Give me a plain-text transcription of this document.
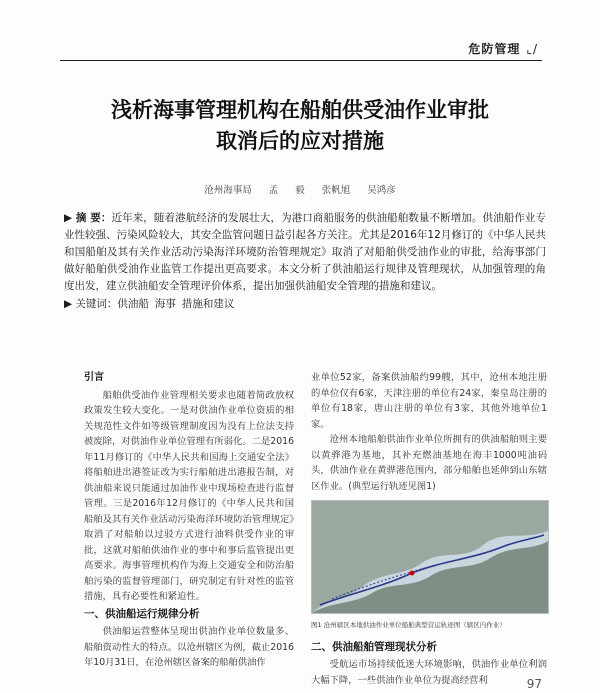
危防管理 ⌞/
浅析海事管理机构在船舶供受油作业审批
取消后的应对措施
沧州海事局 孟 毅 张帆旭 吴鸿彦
▶ 摘 要：近年来，随着港航经济的发展壮大，为港口商船服务的供油船舶数量不断增加。供油船作业专业性较强、污染风险较大，其安全监管问题日益引起各方关注。尤其是2016年12月修订的《中华人民共和国船舶及其有关作业活动污染海洋环境防治管理规定》取消了对船舶供受油作业的审批，给海事部门做好船舶供受油作业监管工作提出更高要求。本文分析了供油船运行规律及管理现状，从加强管理的角度出发，建立供油船安全管理评价体系，提出加强供油船安全管理的措施和建议。
▶ 关键词：供油船 海事 措施和建议
引言

船舶供受油作业管理相关要求也随着简政放权政策发生较大变化。一是对供油作业单位资质的相关规范性文件如等级管理制度因为没有上位法支持被废除，对供油作业单位管理有所弱化。二是2016年11月修订的《中华人民共和国海上交通安全法》将船舶进出港签证改为实行船舶进出港报告制，对供油船来说只能通过加油作业中现场检查进行监督管理。三是2016年12月修订的《中华人民共和国船舶及其有关作业活动污染海洋环境防治管理规定》取消了对船舶以过驳方式进行油料供受作业的审批，这就对船舶供油作业的事中和事后监管提出更高要求。海事管理机构作为海上交通安全和防治船舶污染的监督管理部门，研究制定有针对性的监管措施，具有必要性和紧迫性。

一、供油船运行规律分析

供油船运营整体呈现出供油作业单位数量多、船舶资动性大的特点。以沧州辖区为例，截止2016年10月31日，在沧州辖区备案的船舶供油作

业单位52家，备案供油船约99艘，其中，沧州本地注册的单位仅有6家，天津注册的单位有24家，秦皇岛注册的单位有18家，唐山注册的单位有3家，其他外地单位1家。

沧州本地船舶供油作业单位所拥有的供油船舶则主要以黄骅港为基地，其补充燃油基地在海丰1000吨油码头，供油作业在黄骅港范围内，部分船舶也延伸到山东辖区作业。(典型运行轨迹见图1)

图1 沧州辖区本地供油作业单位船舶典型营运轨迹图（辖区内作业）
二、供油船舶管理现状分析

受航运市场持续低迷大环境影响，供油作业单位利润大幅下降，一些供油作业单位为提高经营利	97
